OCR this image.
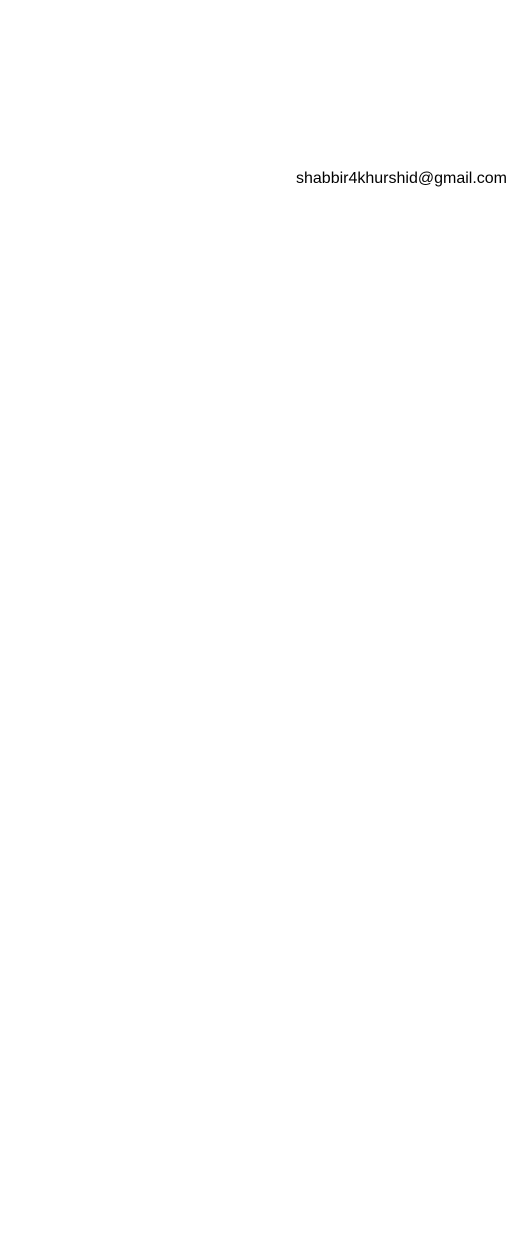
shabbir4khurshid@gmail.com
